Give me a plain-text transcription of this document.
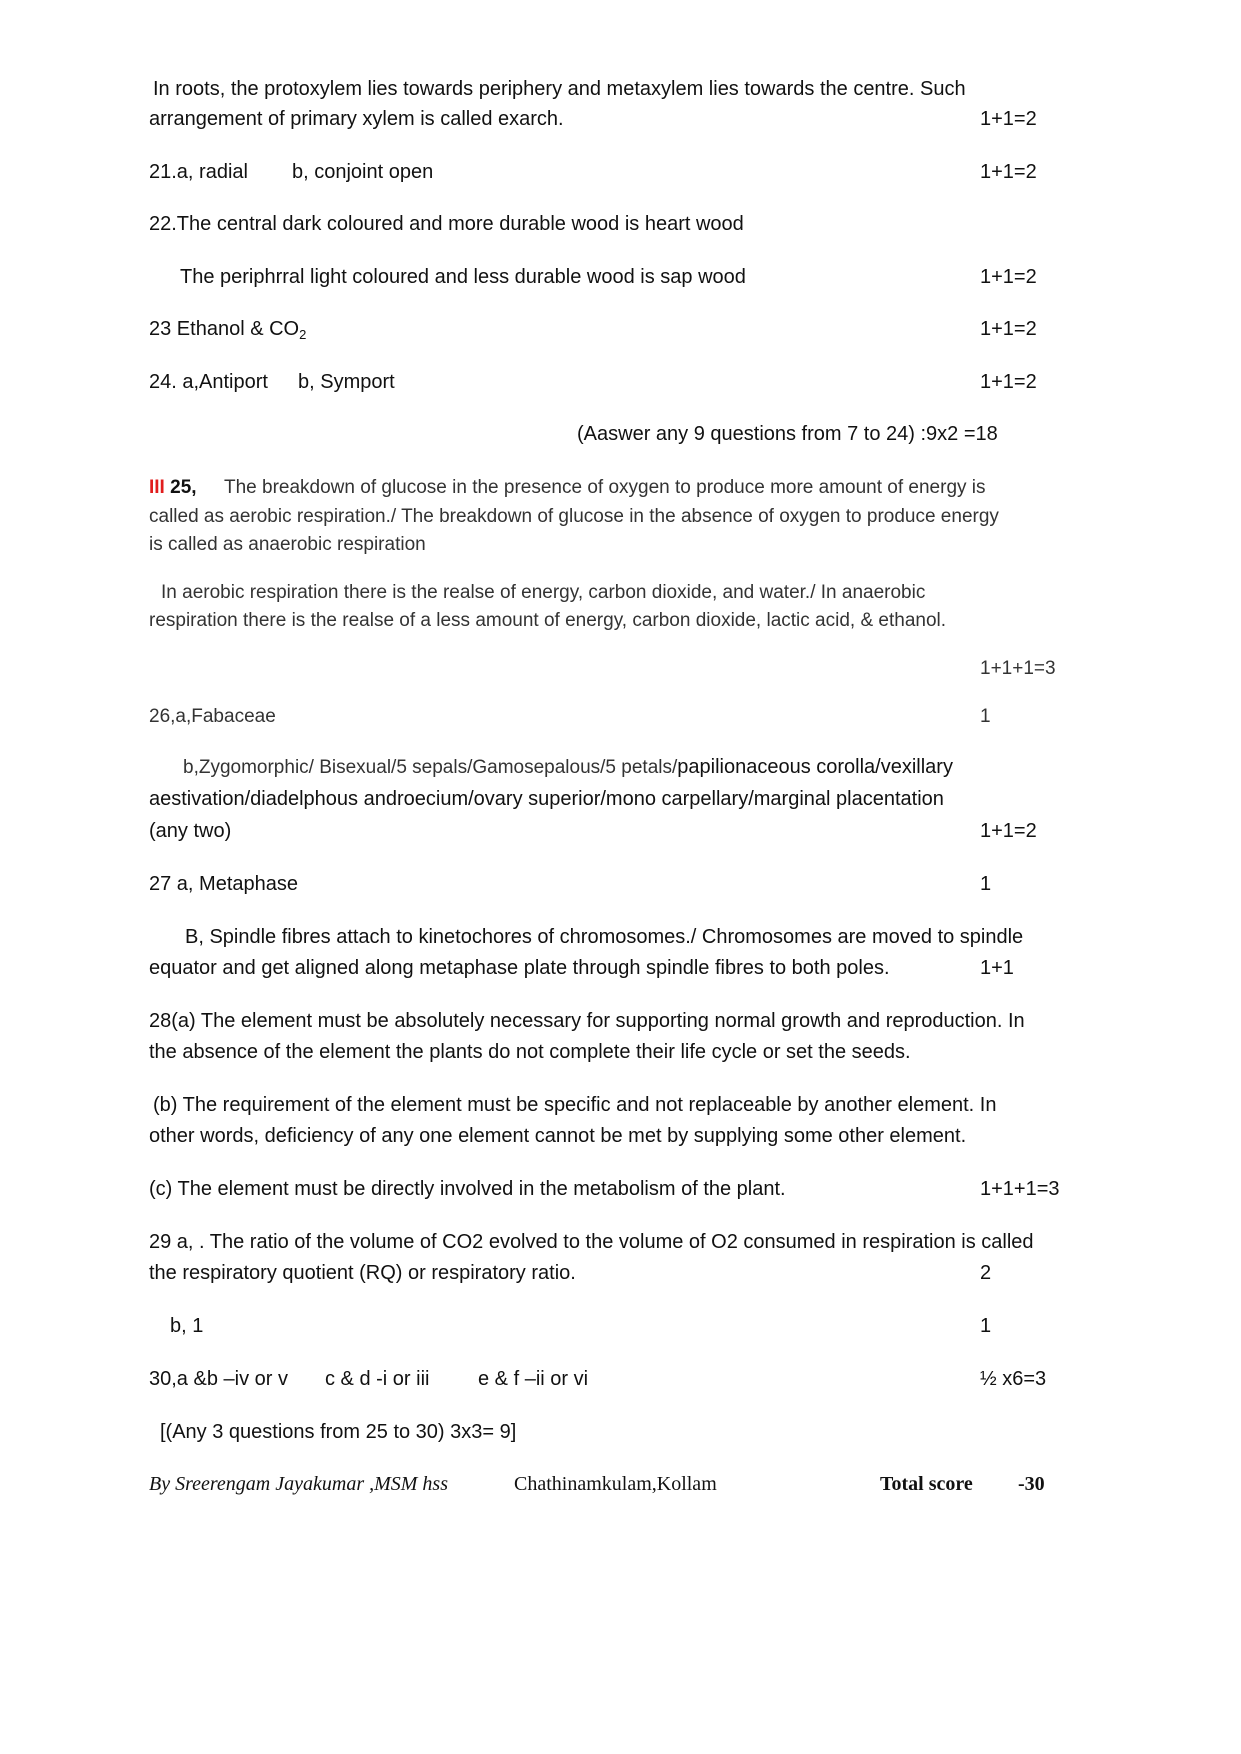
In roots, the protoxylem lies towards periphery and metaxylem lies towards the centre. Such
arrangement of primary xylem is called exarch.	1+1=2
21.a, radial b, conjoint open	1+1=2
22.The central dark coloured and more durable wood is heart wood
The periphrral light coloured and less durable wood is sap wood	1+1=2
23 Ethanol & $CO_2$	1+1=2
24. a,Antiport b, Symport	1+1=2
(Aaswer any 9 questions from 7 to 24) :9x2 =18
III 25, The breakdown of glucose in the presence of oxygen to produce more amount of energy is
called as aerobic respiration./ The breakdown of glucose in the absence of oxygen to produce energy
is called as anaerobic respiration
In aerobic respiration there is the realse of energy, carbon dioxide, and water./ In anaerobic
respiration there is the realse of a less amount of energy, carbon dioxide, lactic acid, & ethanol.
1+1+1=3
26,a,Fabaceae	1
b,Zygomorphic/ Bisexual/5 sepals/Gamosepalous/5 petals/papilionaceous corolla/vexillary
aestivation/diadelphous androecium/ovary superior/mono carpellary/marginal placentation
(any two)	1+1=2
27 a, Metaphase	1
B, Spindle fibres attach to kinetochores of chromosomes./ Chromosomes are moved to spindle
equator and get aligned along metaphase plate through spindle fibres to both poles.	1+1
28(a) The element must be absolutely necessary for supporting normal growth and reproduction. In
the absence of the element the plants do not complete their life cycle or set the seeds.
(b) The requirement of the element must be specific and not replaceable by another element. In
other words, deficiency of any one element cannot be met by supplying some other element.
(c) The element must be directly involved in the metabolism of the plant.	1+1+1=3
29 a, . The ratio of the volume of CO2 evolved to the volume of O2 consumed in respiration is called
the respiratory quotient (RQ) or respiratory ratio.	2
b, 1	1
30,a &b –iv or v c & d -i or iii e & f –ii or vi	½ x6=3
[(Any 3 questions from 25 to 30) 3x3= 9]
By Sreerengam Jayakumar ,MSM hss	Chathinamkulam,Kollam	Total score -30
